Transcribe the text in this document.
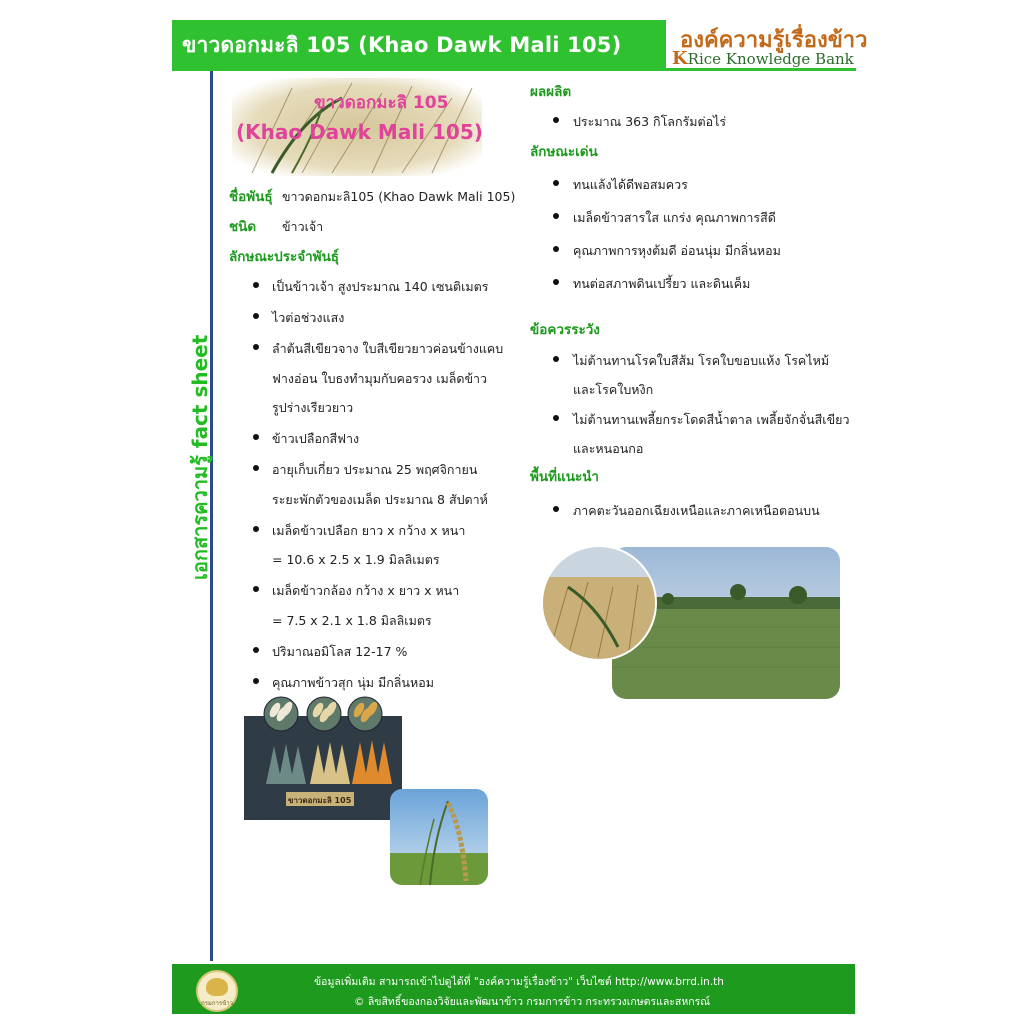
ขาวดอกมะลิ 105 (Khao Dawk Mali 105)	องค์ความรู้เรื่องข้าว
KRice Knowledge Bank
เอกสารความรู้ fact sheet
ขาวดอกมะลิ 105
(Khao Dawk Mali 105)
ชื่อพันธุ์ ขาวดอกมะลิ105 (Khao Dawk Mali 105)
ชนิด ข้าวเจ้า
ลักษณะประจำพันธุ์
เป็นข้าวเจ้า สูงประมาณ 140 เซนติเมตร
ไวต่อช่วงแสง
ลำต้นสีเขียวจาง ใบสีเขียวยาวค่อนข้างแคบ
ฟางอ่อน ใบธงทำมุมกับคอรวง เมล็ดข้าว
รูปร่างเรียวยาว
ข้าวเปลือกสีฟาง
อายุเก็บเกี่ยว ประมาณ 25 พฤศจิกายน
ระยะพักตัวของเมล็ด ประมาณ 8 สัปดาห์
เมล็ดข้าวเปลือก ยาว x กว้าง x หนา
= 10.6 x 2.5 x 1.9 มิลลิเมตร
เมล็ดข้าวกล้อง กว้าง x ยาว x หนา
= 7.5 x 2.1 x 1.8 มิลลิเมตร
ปริมาณอมิโลส 12-17 %
คุณภาพข้าวสุก นุ่ม มีกลิ่นหอม
ขาวดอกมะลิ 105
ผลผลิต
ประมาณ 363 กิโลกรัมต่อไร่
ลักษณะเด่น
ทนแล้งได้ดีพอสมควร
เมล็ดข้าวสารใส แกร่ง คุณภาพการสีดี
คุณภาพการหุงต้มดี อ่อนนุ่ม มีกลิ่นหอม
ทนต่อสภาพดินเปรี้ยว และดินเค็ม
ข้อควรระวัง
ไม่ต้านทานโรคใบสีส้ม โรคใบขอบแห้ง โรคไหม้
และโรคใบหงิก
ไม่ต้านทานเพลี้ยกระโดดสีน้ำตาล เพลี้ยจักจั่นสีเขียว
และหนอนกอ
พื้นที่แนะนำ
ภาคตะวันออกเฉียงเหนือและภาคเหนือตอนบน
กรมการข้าว
ข้อมูลเพิ่มเติม สามารถเข้าไปดูได้ที่ "องค์ความรู้เรื่องข้าว" เว็บไซต์ http://www.brrd.in.th
© ลิขสิทธิ์ของกองวิจัยและพัฒนาข้าว กรมการข้าว กระทรวงเกษตรและสหกรณ์
